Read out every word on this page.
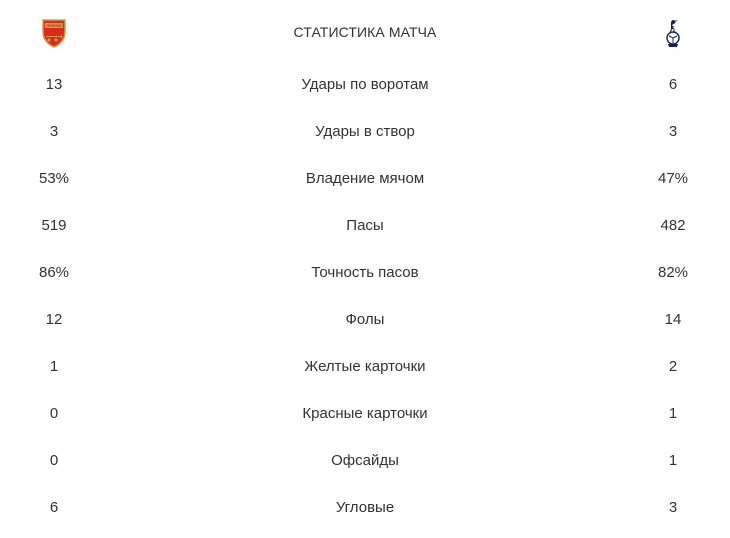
Arsenal	СТАТИСТИКА МАТЧА
13	Удары по воротам	6
3	Удары в створ	3
53%	Владение мячом	47%
519	Пасы	482
86%	Точность пасов	82%
12	Фолы	14
1	Желтые карточки	2
0	Красные карточки	1
0	Офсайды	1
6	Угловые	3
